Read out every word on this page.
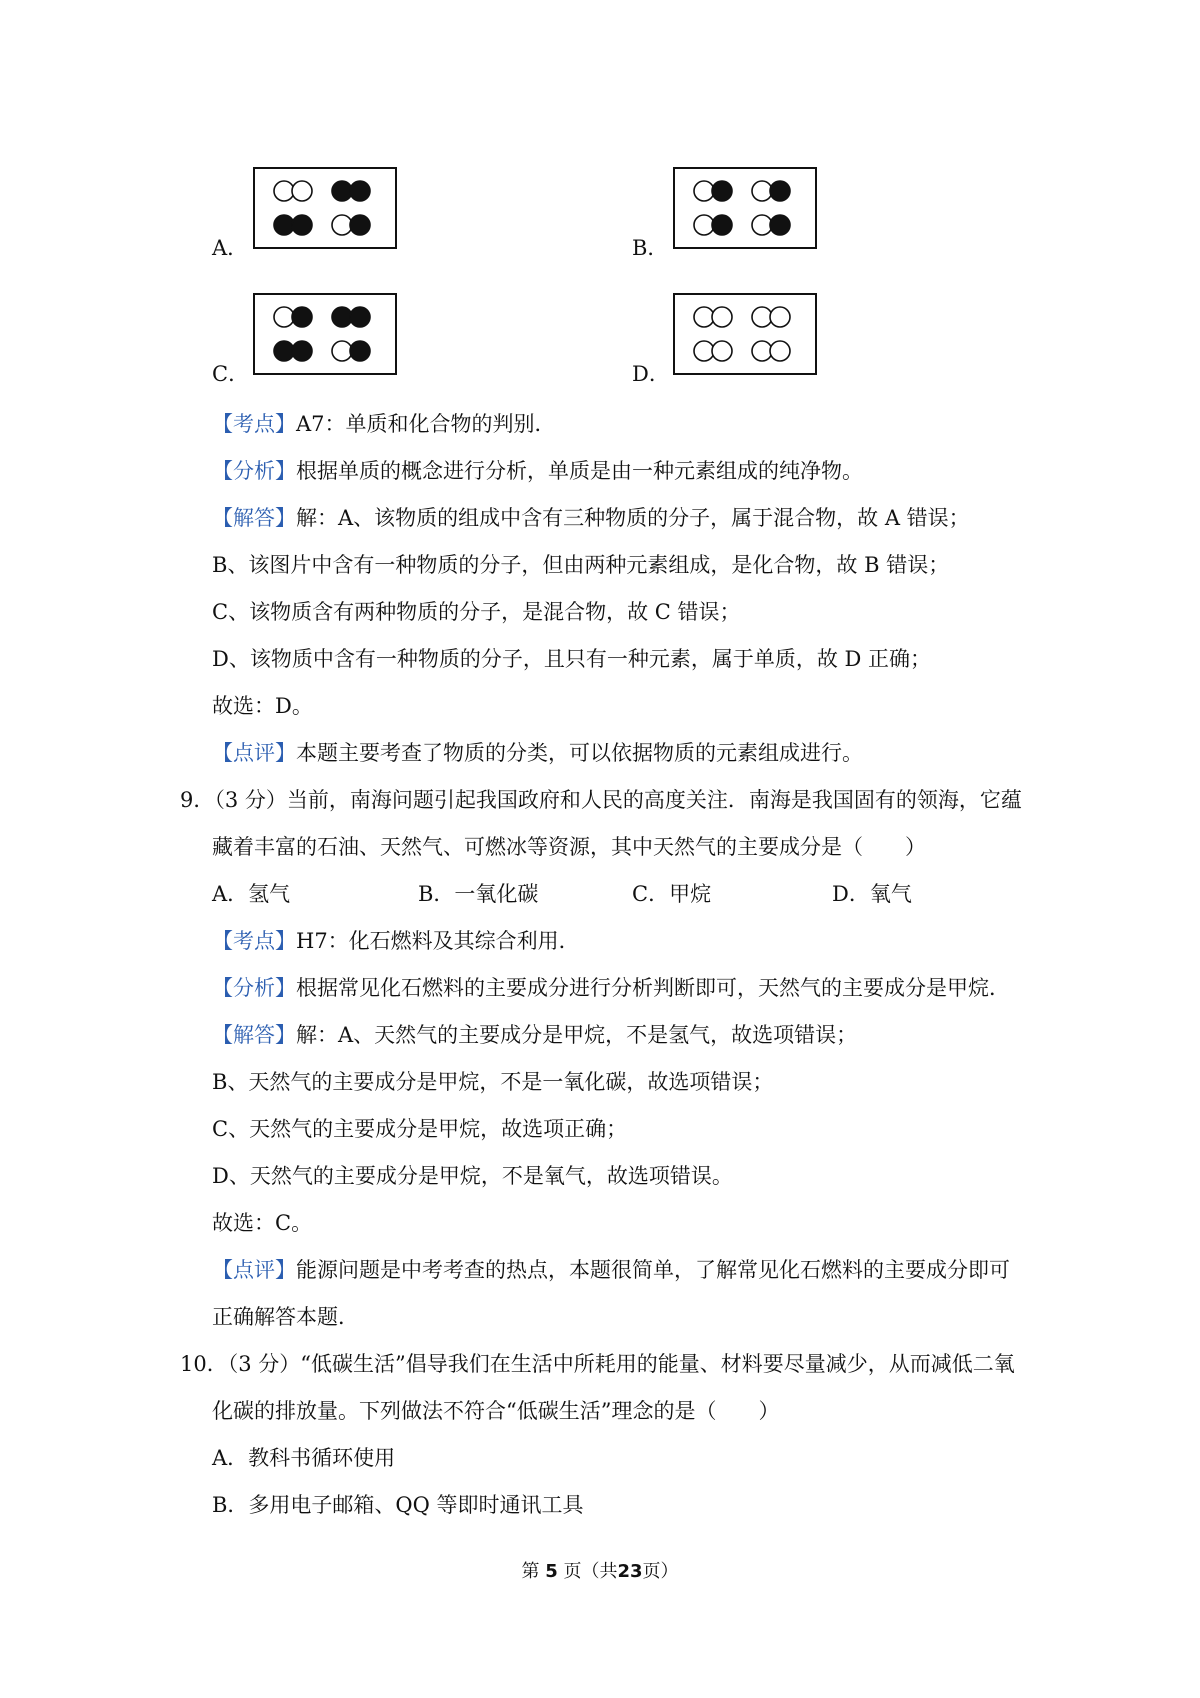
A．	B．
C．	D．
【考点】A7：单质和化合物的判别．
【分析】根据单质的概念进行分析，单质是由一种元素组成的纯净物。
【解答】解：A、该物质的组成中含有三种物质的分子，属于混合物，故 A 错误；
B、该图片中含有一种物质的分子，但由两种元素组成，是化合物，故 B 错误；
C、该物质含有两种物质的分子，是混合物，故 C 错误；
D、该物质中含有一种物质的分子，且只有一种元素，属于单质，故 D 正确；
故选：D。
【点评】本题主要考查了物质的分类，可以依据物质的元素组成进行。
9．（3 分）当前，南海问题引起我国政府和人民的高度关注．南海是我国固有的领海，它蕴
藏着丰富的石油、天然气、可燃冰等资源，其中天然气的主要成分是（　　）
A．氢气	B．一氧化碳	C．甲烷	D．氧气
【考点】H7：化石燃料及其综合利用．
【分析】根据常见化石燃料的主要成分进行分析判断即可，天然气的主要成分是甲烷．
【解答】解：A、天然气的主要成分是甲烷，不是氢气，故选项错误；
B、天然气的主要成分是甲烷，不是一氧化碳，故选项错误；
C、天然气的主要成分是甲烷，故选项正确；
D、天然气的主要成分是甲烷，不是氧气，故选项错误。
故选：C。
【点评】能源问题是中考考查的热点，本题很简单，了解常见化石燃料的主要成分即可
正确解答本题．
10．（3 分）“低碳生活”倡导我们在生活中所耗用的能量、材料要尽量减少，从而减低二氧
化碳的排放量。下列做法不符合“低碳生活”理念的是（　　）
A．教科书循环使用
B．多用电子邮箱、QQ 等即时通讯工具
第 5 页（共23页）
